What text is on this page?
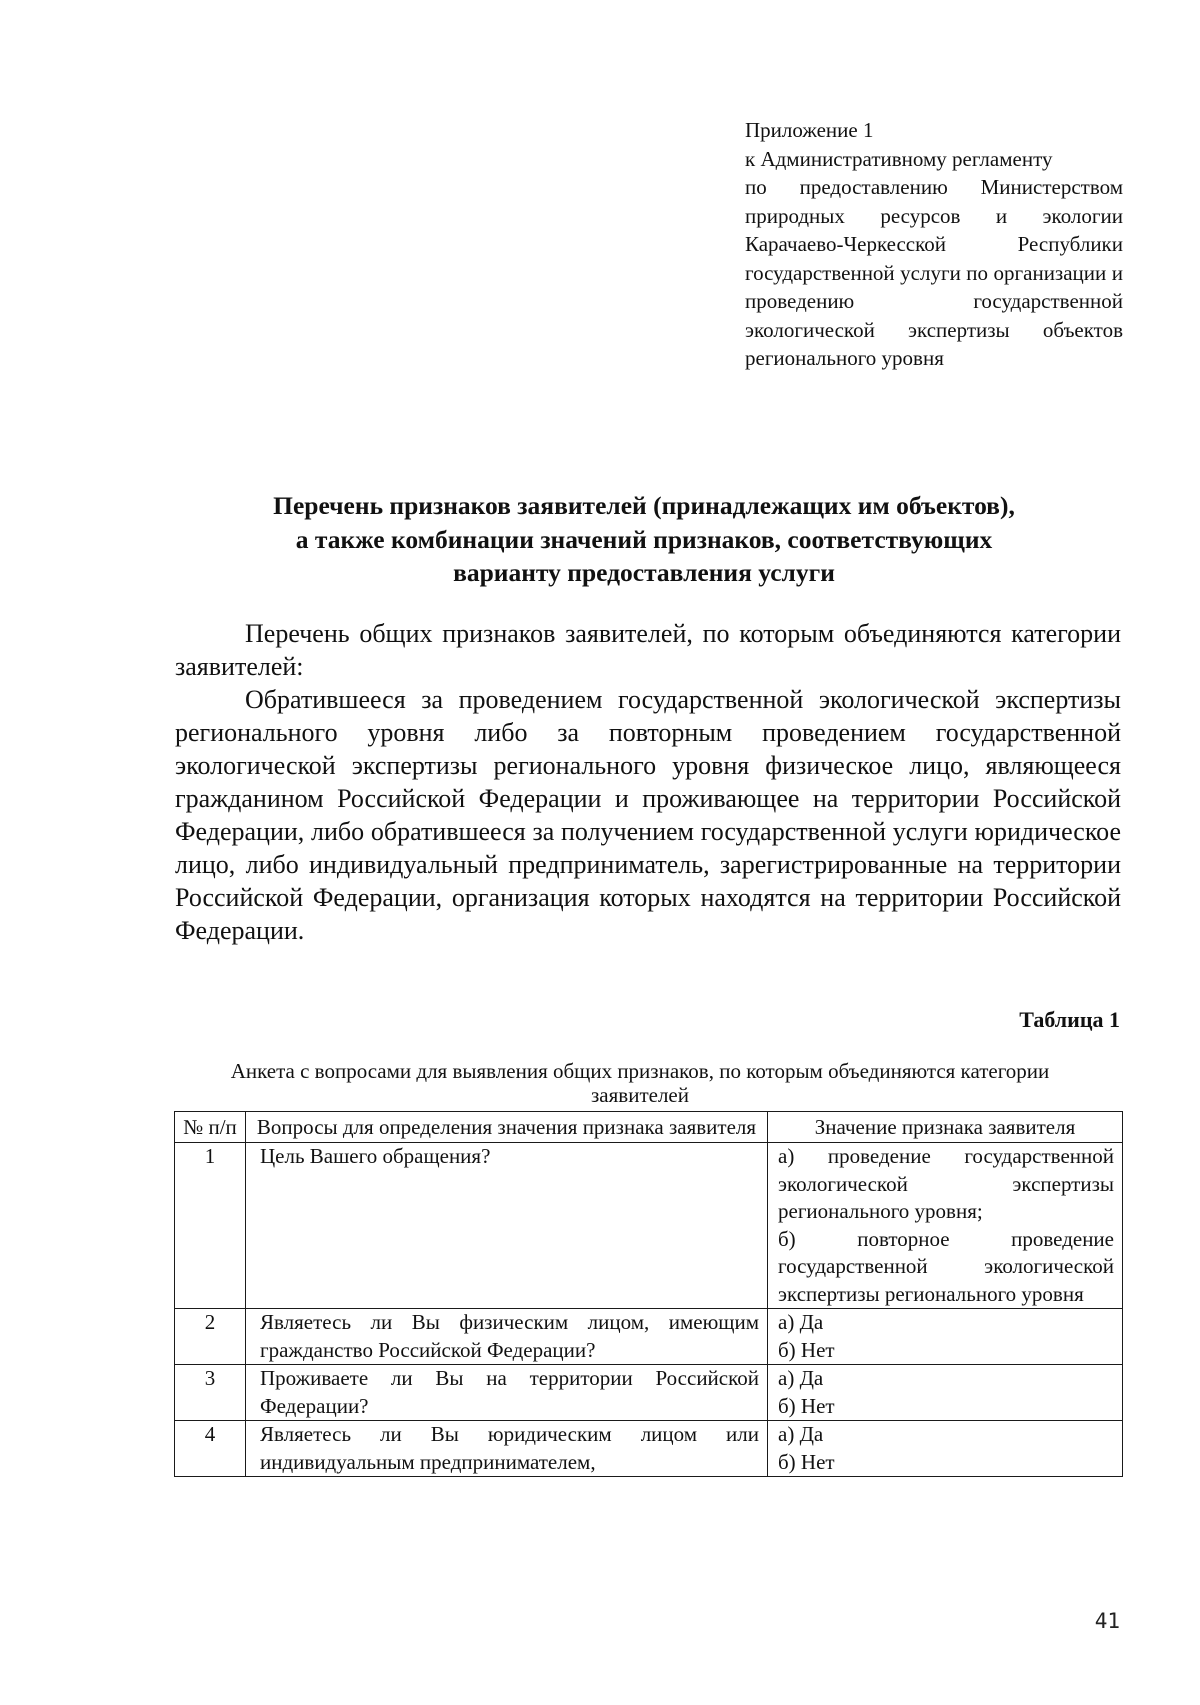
Приложение 1
к Административному регламенту
по предоставлению Министерством природных ресурсов и экологии Карачаево-Черкесской Республики государственной услуги по организации и проведению государственной экологической экспертизы объектов регионального уровня
Перечень признаков заявителей (принадлежащих им объектов),
а также комбинации значений признаков, соответствующих
варианту предоставления услуги

Перечень общих признаков заявителей, по которым объединяются категории заявителей:

Обратившееся за проведением государственной экологической экспертизы регионального уровня либо за повторным проведением государственной экологической экспертизы регионального уровня физическое лицо, являющееся гражданином Российской Федерации и проживающее на территории Российской Федерации, либо обратившееся за получением государственной услуги юридическое лицо, либо индивидуальный предприниматель, зарегистрированные на территории Российской Федерации, организация которых находятся на территории Российской Федерации.

Таблица 1
Анкета с вопросами для выявления общих признаков, по которым объединяются категории заявителей
№ п/п	Вопросы для определения значения признака заявителя	Значение признака заявителя
1	Цель Вашего обращения?	а) проведение государственной экологической экспертизы регионального уровня;
б) повторное проведение государственной экологической экспертизы регионального уровня

2	Являетесь ли Вы физическим лицом, имеющим гражданство Российской Федерации?	а) Да
б) Нет

3	Проживаете ли Вы на территории Российской Федерации?	а) Да
б) Нет

4	Являетесь ли Вы юридическим лицом или индивидуальным предпринимателем,	а) Да
б) Нет
41
